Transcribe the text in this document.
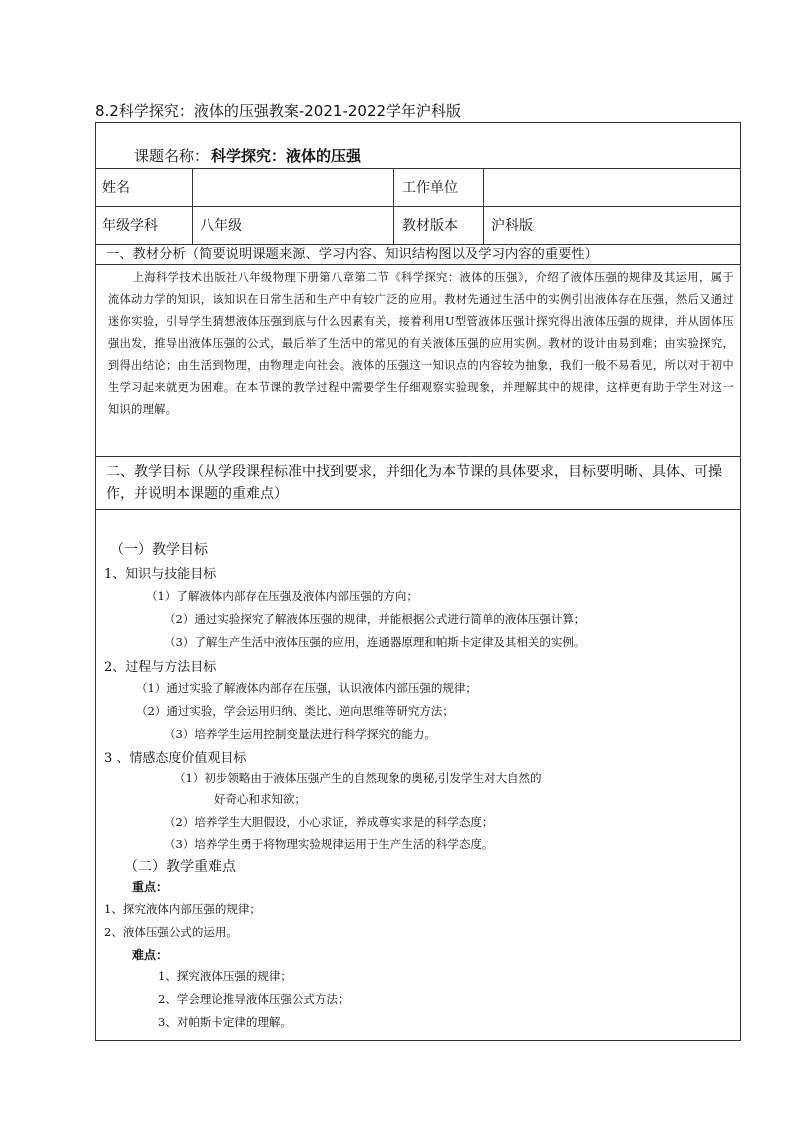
8.2科学探究：液体的压强教案-2021-2022学年沪科版
课题名称： 科学探究：液体的压强
姓名	工作单位
年级学科	八年级	教材版本 沪科版
一、教材分析（简要说明课题来源、学习内容、知识结构图以及学习内容的重要性）
上海科学技术出版社八年级物理下册第八章第二节《科学探究：液体的压强》，介绍了液体压强的规律及其运用，属于流体动力学的知识，该知识在日常生活和生产中有较广泛的应用。教材先通过生活中的实例引出液体存在压强，然后又通过迷你实验，引导学生猜想液体压强到底与什么因素有关，接着利用U型管液体压强计探究得出液体压强的规律，并从固体压强出发，推导出液体压强的公式，最后举了生活中的常见的有关液体压强的应用实例。教材的设计由易到难；由实验探究，到得出结论；由生活到物理，由物理走向社会。液体的压强这一知识点的内容较为抽象，我们一般不易看见，所以对于初中生学习起来就更为困难。在本节课的教学过程中需要学生仔细观察实验现象，并理解其中的规律，这样更有助于学生对这一知识的理解。
二、教学目标（从学段课程标准中找到要求，并细化为本节课的具体要求，目标要明晰、具体、可操作，并说明本课题的重难点）
（一）教学目标
1、知识与技能目标
（1）了解液体内部存在压强及液体内部压强的方向；
（2）通过实验探究了解液体压强的规律，并能根据公式进行简单的液体压强计算；
（3）了解生产生活中液体压强的应用，连通器原理和帕斯卡定律及其相关的实例。
2、过程与方法目标
（1）通过实验了解液体内部存在压强，认识液体内部压强的规律；
（2）通过实验，学会运用归纳、类比、逆向思维等研究方法；
（3）培养学生运用控制变量法进行科学探究的能力。
3 、情感态度价值观目标
（1）初步领略由于液体压强产生的自然现象的奥秘,引发学生对大自然的
好奇心和求知欲；
（2）培养学生大胆假设，小心求证，养成尊实求是的科学态度；
（3）培养学生勇于将物理实验规律运用于生产生活的科学态度。
（二）教学重难点
重点：
1、探究液体内部压强的规律；
2、液体压强公式的运用。
难点：
1、探究液体压强的规律；
2、学会理论推导液体压强公式方法；
3、对帕斯卡定律的理解。
